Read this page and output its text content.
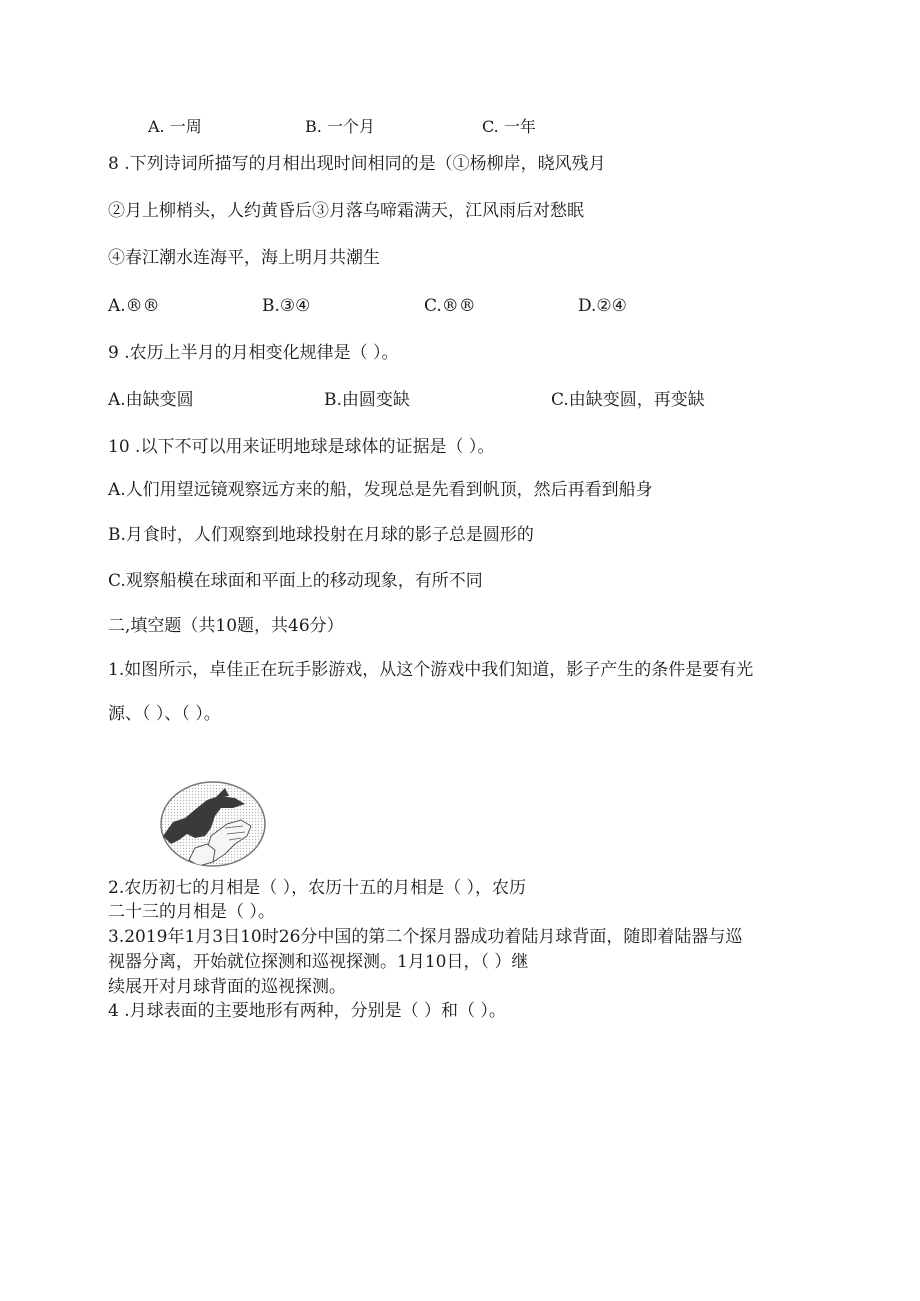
A. 一周	B. 一个月	C. 一年
8 .下列诗词所描写的月相出现时间相同的是（①杨柳岸，晓风残月
②月上柳梢头，人约黄昏后③月落乌啼霜满天，江风雨后对愁眠
④春江潮水连海平，海上明月共潮生
A.®®	B.③④	C.®®	D.②④
9 .农历上半月的月相变化规律是（ ）。
A.由缺变圆	B.由圆变缺	C.由缺变圆，再变缺
10 .以下不可以用来证明地球是球体的证据是（ ）。
A.人们用望远镜观察远方来的船，发现总是先看到帆顶，然后再看到船身
B.月食时，人们观察到地球投射在月球的影子总是圆形的
C.观察船模在球面和平面上的移动现象，有所不同
二,填空题（共10题，共46分）
1.如图所示，卓佳正在玩手影游戏，从这个游戏中我们知道，影子产生的条件是要有光
源、（ ）、（ ）。
2.农历初七的月相是（ ），农历十五的月相是（ ），农历
二十三的月相是（ ）。
3.2019年1月3日10时26分中国的第二个探月器成功着陆月球背面，随即着陆器与巡
视器分离，开始就位探测和巡视探测。1月10日，（ ）继
续展开对月球背面的巡视探测。
4 .月球表面的主要地形有两种，分别是（ ）和（ ）。
